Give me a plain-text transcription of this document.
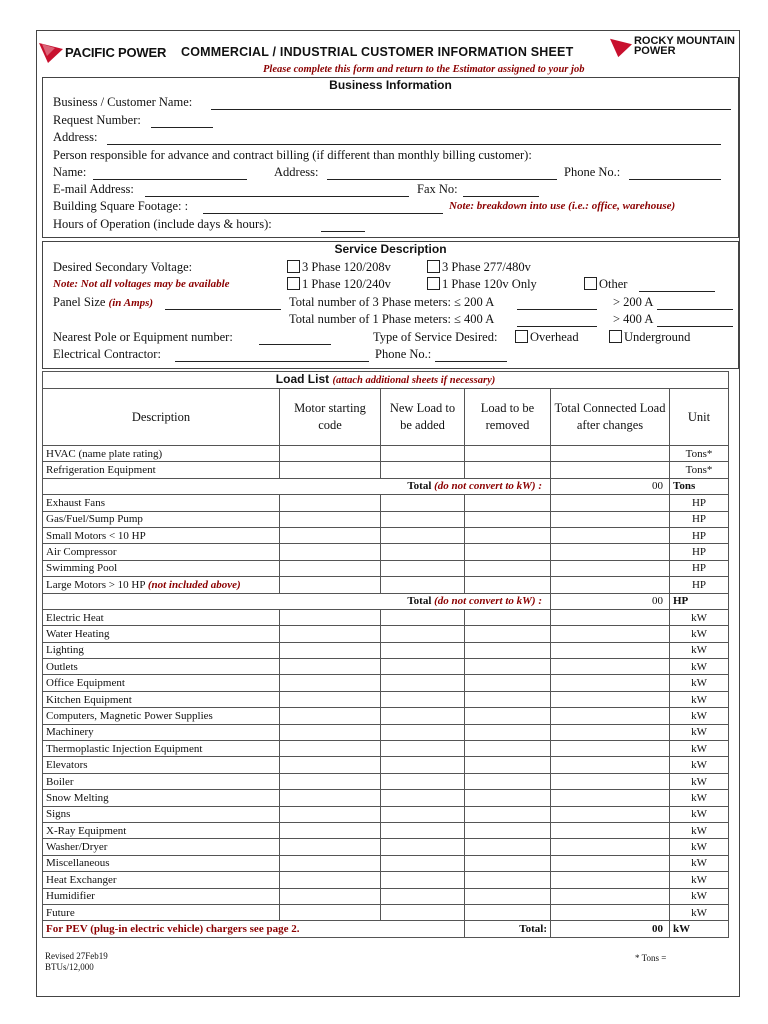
PACIFIC POWER COMMERCIAL / INDUSTRIAL CUSTOMER INFORMATION SHEET
ROCKY MOUNTAIN
POWER
Please complete this form and return to the Estimator assigned to your job
Business Information
Business / Customer Name:
Request Number:
Address:
Person responsible for advance and contract billing (if different than monthly billing customer):
Name:	Address:	Phone No.:
E-mail Address:	Fax No:
Building Square Footage: :	Note: breakdown into use (i.e.: office, warehouse)
Hours of Operation (include days & hours):
Service Description
Desired Secondary Voltage:	3 Phase 120/208v	3 Phase 277/480v
Note: Not all voltages may be available	1 Phase 120/240v	1 Phase 120v Only	Other
Panel Size (in Amps)	Total number of 3 Phase meters: ≤ 200 A	> 200 A
Total number of 1 Phase meters: ≤ 400 A	> 400 A
Nearest Pole or Equipment number:	Type of Service Desired:	Overhead	Underground
Electrical Contractor:	Phone No.:
Load List (attach additional sheets if necessary)					
Description	Motor starting code	New Load to be added	Load to be removed	Total Connected Load after changes	Unit
HVAC (name plate rating)					Tons*
Refrigeration Equipment					Tons*
Total (do not convert to kW) :				00	Tons
Exhaust Fans					HP
Gas/Fuel/Sump Pump					HP
Small Motors < 10 HP					HP
Air Compressor					HP
Swimming Pool					HP
Large Motors > 10 HP (not included above)					HP
Total (do not convert to kW) :				00	HP
Electric Heat					kW
Water Heating					kW
Lighting					kW
Outlets					kW
Office Equipment					kW
Kitchen Equipment					kW
Computers, Magnetic Power Supplies					kW
Machinery					kW
Thermoplastic Injection Equipment					kW
Elevators					kW
Boiler					kW
Snow Melting					kW
Signs					kW
X-Ray Equipment					kW
Washer/Dryer					kW
Miscellaneous					kW
Heat Exchanger					kW
Humidifier					kW
Future					kW
For PEV (plug-in electric vehicle) chargers see page 2.			Total:	00	kW
Revised 27Feb19
BTUs/12,000
* Tons =
